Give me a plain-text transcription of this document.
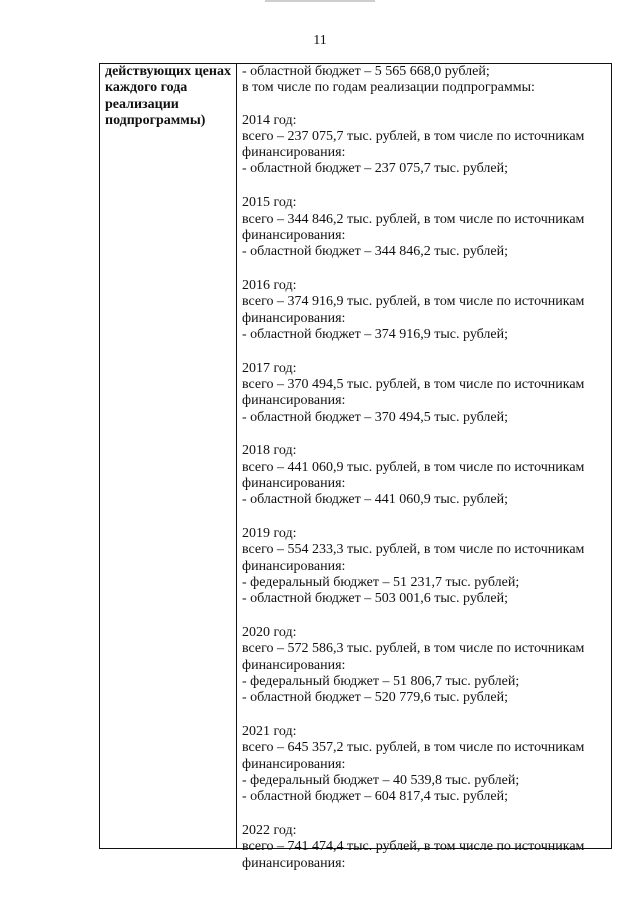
11
действующих ценах
каждого года
реализации
подпрограммы)
- областной бюджет – 5 565 668,0 рублей;
в том числе по годам реализации подпрограммы:
2014 год:
всего – 237 075,7 тыс. рублей, в том числе по источникам
финансирования:
- областной бюджет – 237 075,7 тыс. рублей;
2015 год:
всего – 344 846,2 тыс. рублей, в том числе по источникам
финансирования:
- областной бюджет – 344 846,2 тыс. рублей;
2016 год:
всего – 374 916,9 тыс. рублей, в том числе по источникам
финансирования:
- областной бюджет – 374 916,9 тыс. рублей;
2017 год:
всего – 370 494,5 тыс. рублей, в том числе по источникам
финансирования:
- областной бюджет – 370 494,5 тыс. рублей;
2018 год:
всего – 441 060,9 тыс. рублей, в том числе по источникам
финансирования:
- областной бюджет – 441 060,9 тыс. рублей;
2019 год:
всего – 554 233,3 тыс. рублей, в том числе по источникам
финансирования:
- федеральный бюджет – 51 231,7 тыс. рублей;
- областной бюджет – 503 001,6 тыс. рублей;
2020 год:
всего – 572 586,3 тыс. рублей, в том числе по источникам
финансирования:
- федеральный бюджет – 51 806,7 тыс. рублей;
- областной бюджет – 520 779,6 тыс. рублей;
2021 год:
всего – 645 357,2 тыс. рублей, в том числе по источникам
финансирования:
- федеральный бюджет – 40 539,8 тыс. рублей;
- областной бюджет – 604 817,4 тыс. рублей;
2022 год:
всего – 741 474,4 тыс. рублей, в том числе по источникам
финансирования:
